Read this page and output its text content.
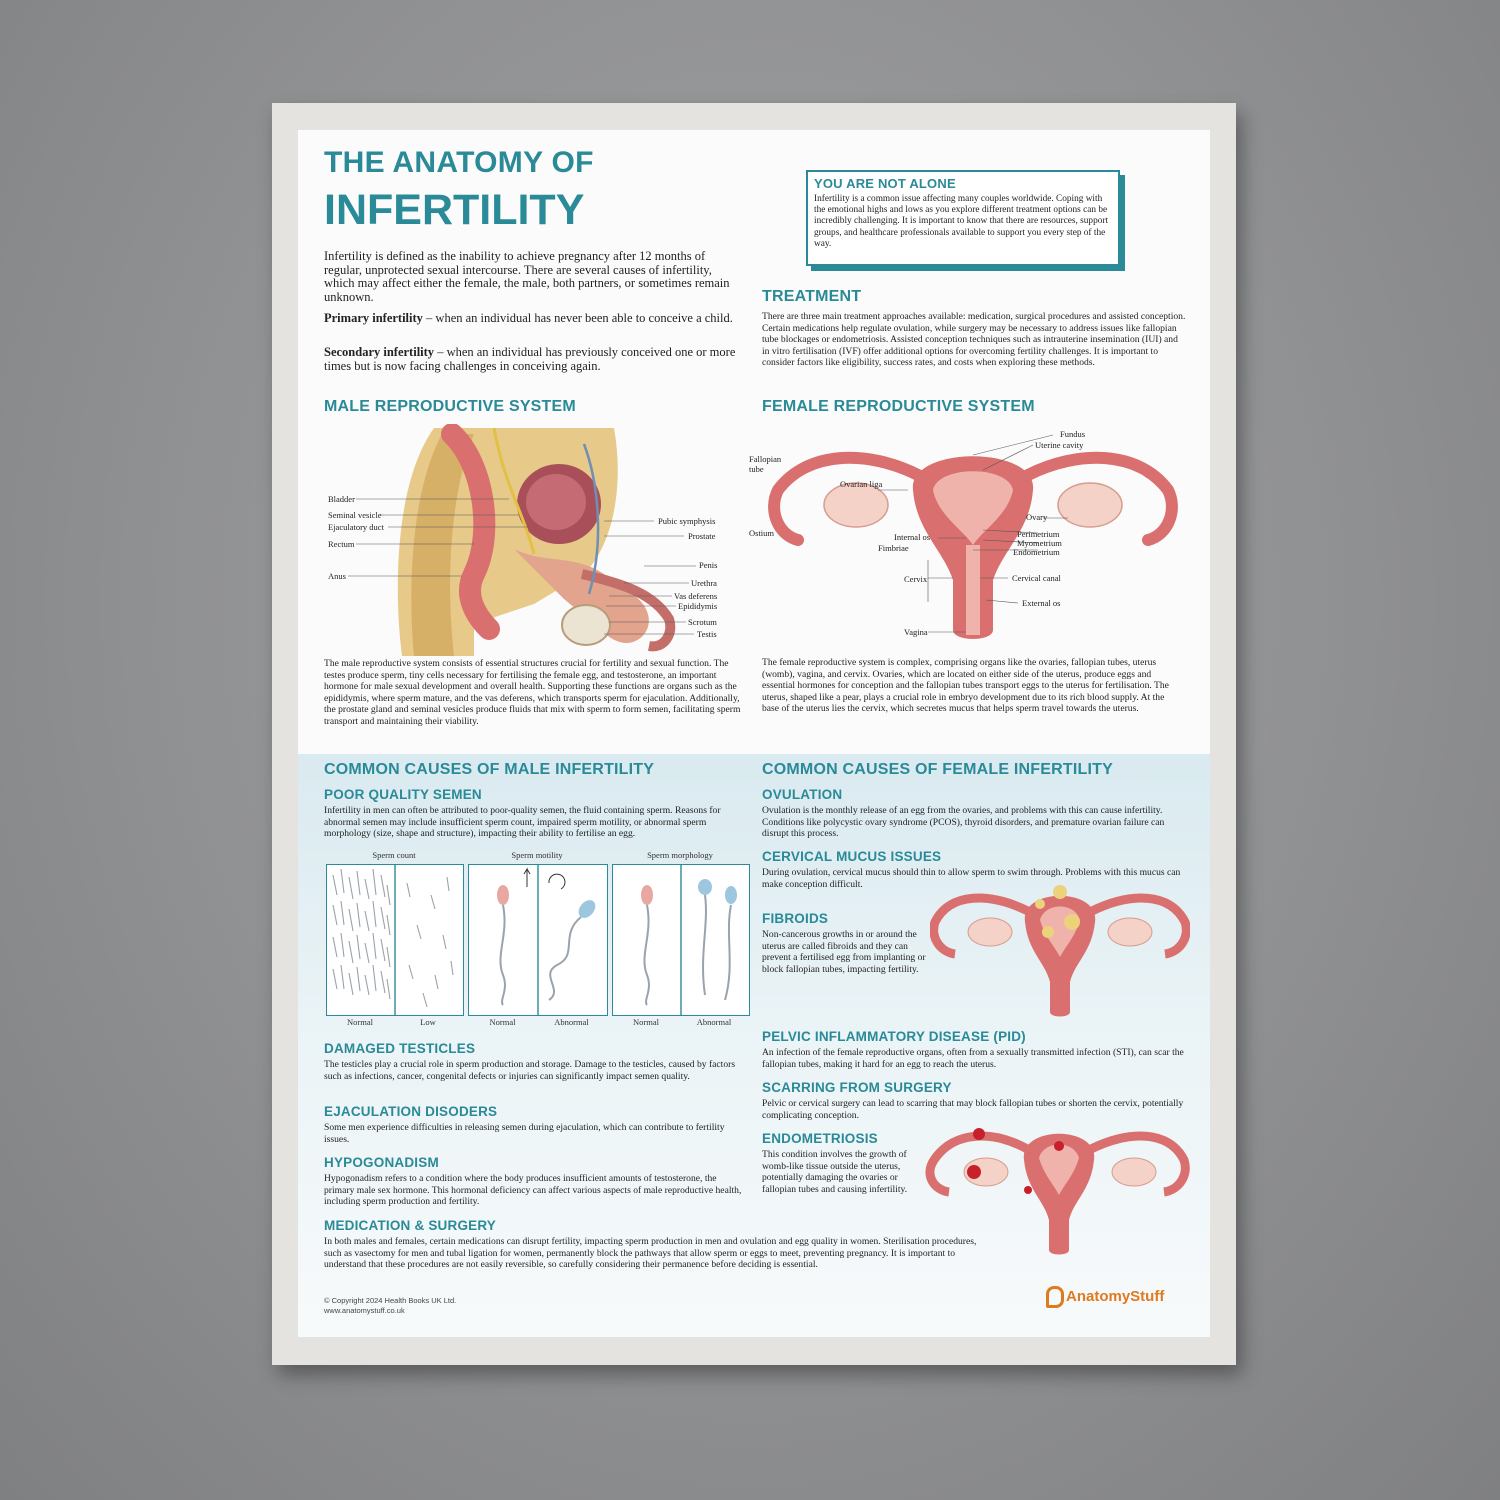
THE ANATOMY OF
INFERTILITY
Infertility is defined as the inability to achieve pregnancy after 12 months of regular, unprotected sexual intercourse. There are several causes of infertility, which may affect either the female, the male, both partners, or sometimes remain unknown.
Primary infertility – when an individual has never been able to conceive a child.
Secondary infertility – when an individual has previously conceived one or more times but is now facing challenges in conceiving again.
YOU ARE NOT ALONE
Infertility is a common issue affecting many couples worldwide. Coping with the emotional highs and lows as you explore different treatment options can be incredibly challenging. It is important to know that there are resources, support groups, and healthcare professionals available to support you every step of the way.
TREATMENT
There are three main treatment approaches available: medication, surgical procedures and assisted conception. Certain medications help regulate ovulation, while surgery may be necessary to address issues like fallopian tube blockages or endometriosis. Assisted conception techniques such as intrauterine insemination (IUI) and in vitro fertilisation (IVF) offer additional options for overcoming fertility challenges. It is important to consider factors like eligibility, success rates, and costs when exploring these methods.
MALE REPRODUCTIVE SYSTEM
Bladder
Seminal vesicle
Ejaculatory duct
Rectum
Anus
Pubic symphysis
Prostate
Penis
Urethra
Vas deferens
Epididymis
Scrotum
Testis
The male reproductive system consists of essential structures crucial for fertility and sexual function. The testes produce sperm, tiny cells necessary for fertilising the female egg, and testosterone, an important hormone for male sexual development and overall health. Supporting these functions are organs such as the epididymis, where sperm mature, and the vas deferens, which transports sperm for ejaculation. Additionally, the prostate gland and seminal vesicles produce fluids that mix with sperm to form semen, facilitating sperm transport and maintaining their viability.
FEMALE REPRODUCTIVE SYSTEM
Fundus
Uterine cavity
Fallopian tube
Ovarian liga
Ovary
Ostium	Internal os
Fimbriae
Perimetrium
Myometrium
Endometrium
Cervix	Cervical canal
External os
Vagina
The female reproductive system is complex, comprising organs like the ovaries, fallopian tubes, uterus (womb), vagina, and cervix. Ovaries, which are located on either side of the uterus, produce eggs and essential hormones for conception and the fallopian tubes transport eggs to the uterus for fertilisation. The uterus, shaped like a pear, plays a crucial role in embryo development due to its rich blood supply. At the base of the uterus lies the cervix, which secretes mucus that helps sperm travel towards the uterus.
COMMON CAUSES OF MALE INFERTILITY
POOR QUALITY SEMEN
Infertility in men can often be attributed to poor-quality semen, the fluid containing sperm. Reasons for abnormal semen may include insufficient sperm count, impaired sperm motility, or abnormal sperm morphology (size, shape and structure), impacting their ability to fertilise an egg.
Sperm count
Normal	Low
Sperm motility
Normal	Abnormal
Sperm morphology
Normal	Abnormal
DAMAGED TESTICLES
The testicles play a crucial role in sperm production and storage. Damage to the testicles, caused by factors such as infections, cancer, congenital defects or injuries can significantly impact semen quality.
EJACULATION DISODERS
Some men experience difficulties in releasing semen during ejaculation, which can contribute to fertility issues.
HYPOGONADISM
Hypogonadism refers to a condition where the body produces insufficient amounts of testosterone, the primary male sex hormone. This hormonal deficiency can affect various aspects of male reproductive health, including sperm production and fertility.
MEDICATION & SURGERY
In both males and females, certain medications can disrupt fertility, impacting sperm production in men and ovulation and egg quality in women. Sterilisation procedures, such as vasectomy for men and tubal ligation for women, permanently block the pathways that allow sperm or eggs to meet, preventing pregnancy. It is important to understand that these procedures are not easily reversible, so carefully considering their permanence before deciding is essential.
COMMON CAUSES OF FEMALE INFERTILITY
OVULATION
Ovulation is the monthly release of an egg from the ovaries, and problems with this can cause infertility. Conditions like polycystic ovary syndrome (PCOS), thyroid disorders, and premature ovarian failure can disrupt this process.
CERVICAL MUCUS ISSUES
During ovulation, cervical mucus should thin to allow sperm to swim through. Problems with this mucus can make conception difficult.
FIBROIDS
Non-cancerous growths in or around the uterus are called fibroids and they can prevent a fertilised egg from implanting or block fallopian tubes, impacting fertility.
PELVIC INFLAMMATORY DISEASE (PID)
An infection of the female reproductive organs, often from a sexually transmitted infection (STI), can scar the fallopian tubes, making it hard for an egg to reach the uterus.
SCARRING FROM SURGERY
Pelvic or cervical surgery can lead to scarring that may block fallopian tubes or shorten the cervix, potentially complicating conception.
ENDOMETRIOSIS
This condition involves the growth of womb-like tissue outside the uterus, potentially damaging the ovaries or fallopian tubes and causing infertility.
© Copyright 2024 Health Books UK Ltd.
www.anatomystuff.co.uk
AnatomyStuff
